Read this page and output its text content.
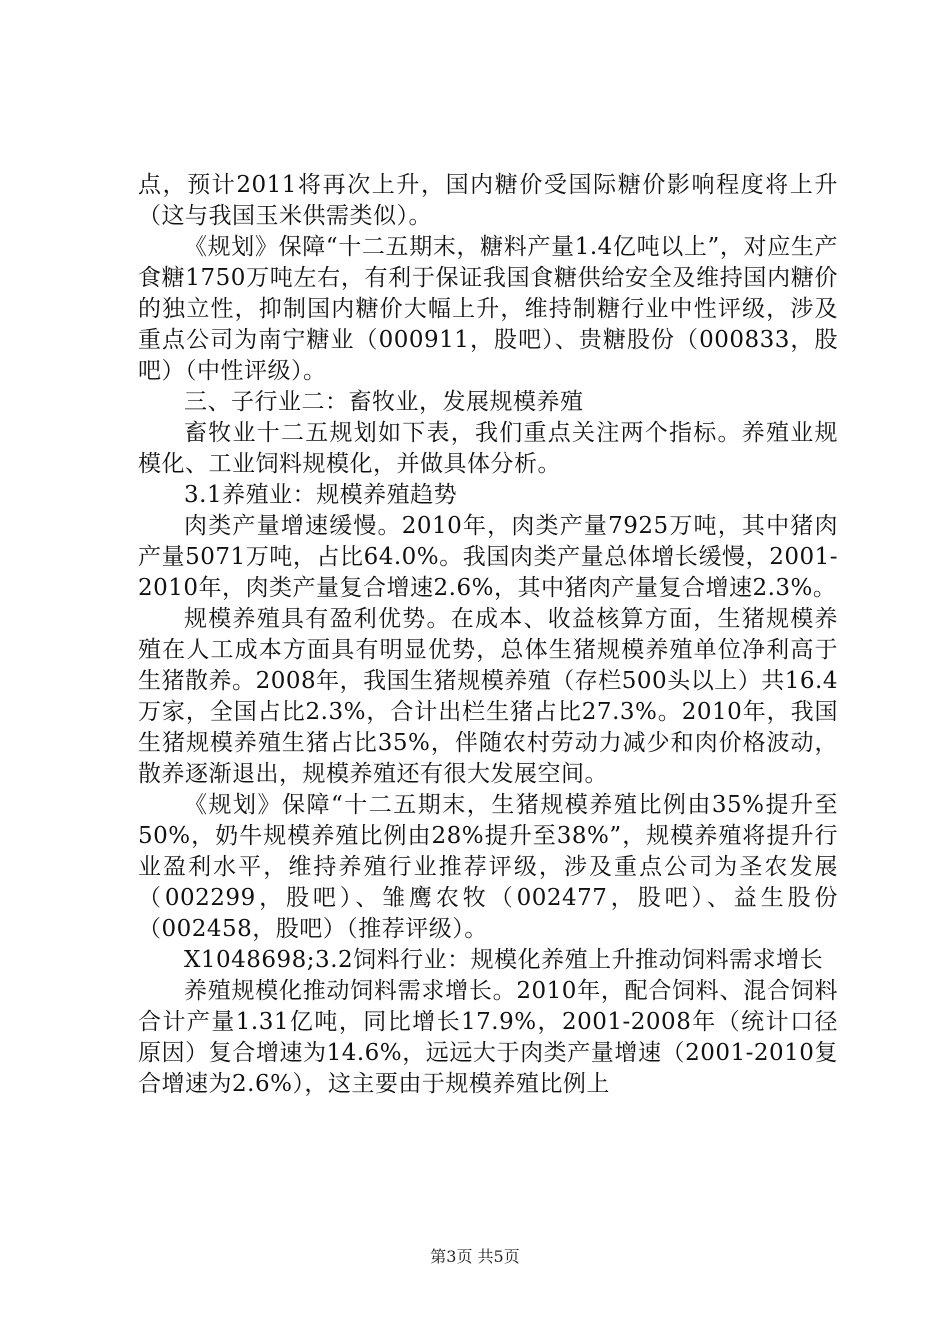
点，预计2011将再次上升，国内糖价受国际糖价影响程度将上升（这与我国玉米供需类似）。

《规划》保障“十二五期末，糖料产量1.4亿吨以上”，对应生产食糖1750万吨左右，有利于保证我国食糖供给安全及维持国内糖价的独立性，抑制国内糖价大幅上升，维持制糖行业中性评级，涉及重点公司为南宁糖业（000911，股吧）、贵糖股份（000833，股吧）（中性评级）。

三、子行业二：畜牧业，发展规模养殖

畜牧业十二五规划如下表，我们重点关注两个指标。养殖业规模化、工业饲料规模化，并做具体分析。

3.1养殖业：规模养殖趋势

肉类产量增速缓慢。2010年，肉类产量7925万吨，其中猪肉产量5071万吨，占比64.0%。我国肉类产量总体增长缓慢，2001-2010年，肉类产量复合增速2.6%，其中猪肉产量复合增速2.3%。

规模养殖具有盈利优势。在成本、收益核算方面，生猪规模养殖在人工成本方面具有明显优势，总体生猪规模养殖单位净利高于生猪散养。2008年，我国生猪规模养殖（存栏500头以上）共16.4万家，全国占比2.3%，合计出栏生猪占比27.3%。2010年，我国生猪规模养殖生猪占比35%，伴随农村劳动力减少和肉价格波动，散养逐渐退出，规模养殖还有很大发展空间。

《规划》保障“十二五期末，生猪规模养殖比例由35%提升至50%，奶牛规模养殖比例由28%提升至38%”，规模养殖将提升行业盈利水平，维持养殖行业推荐评级，涉及重点公司为圣农发展（002299，股吧）、雏鹰农牧（002477，股吧）、益生股份（002458，股吧）（推荐评级）。

X1048698;3.2饲料行业：规模化养殖上升推动饲料需求增长

养殖规模化推动饲料需求增长。2010年，配合饲料、混合饲料合计产量1.31亿吨，同比增长17.9%，2001-2008年（统计口径原因）复合增速为14.6%，远远大于肉类产量增速（2001-2010复合增速为2.6%），这主要由于规模养殖比例上

第3页 共5页
